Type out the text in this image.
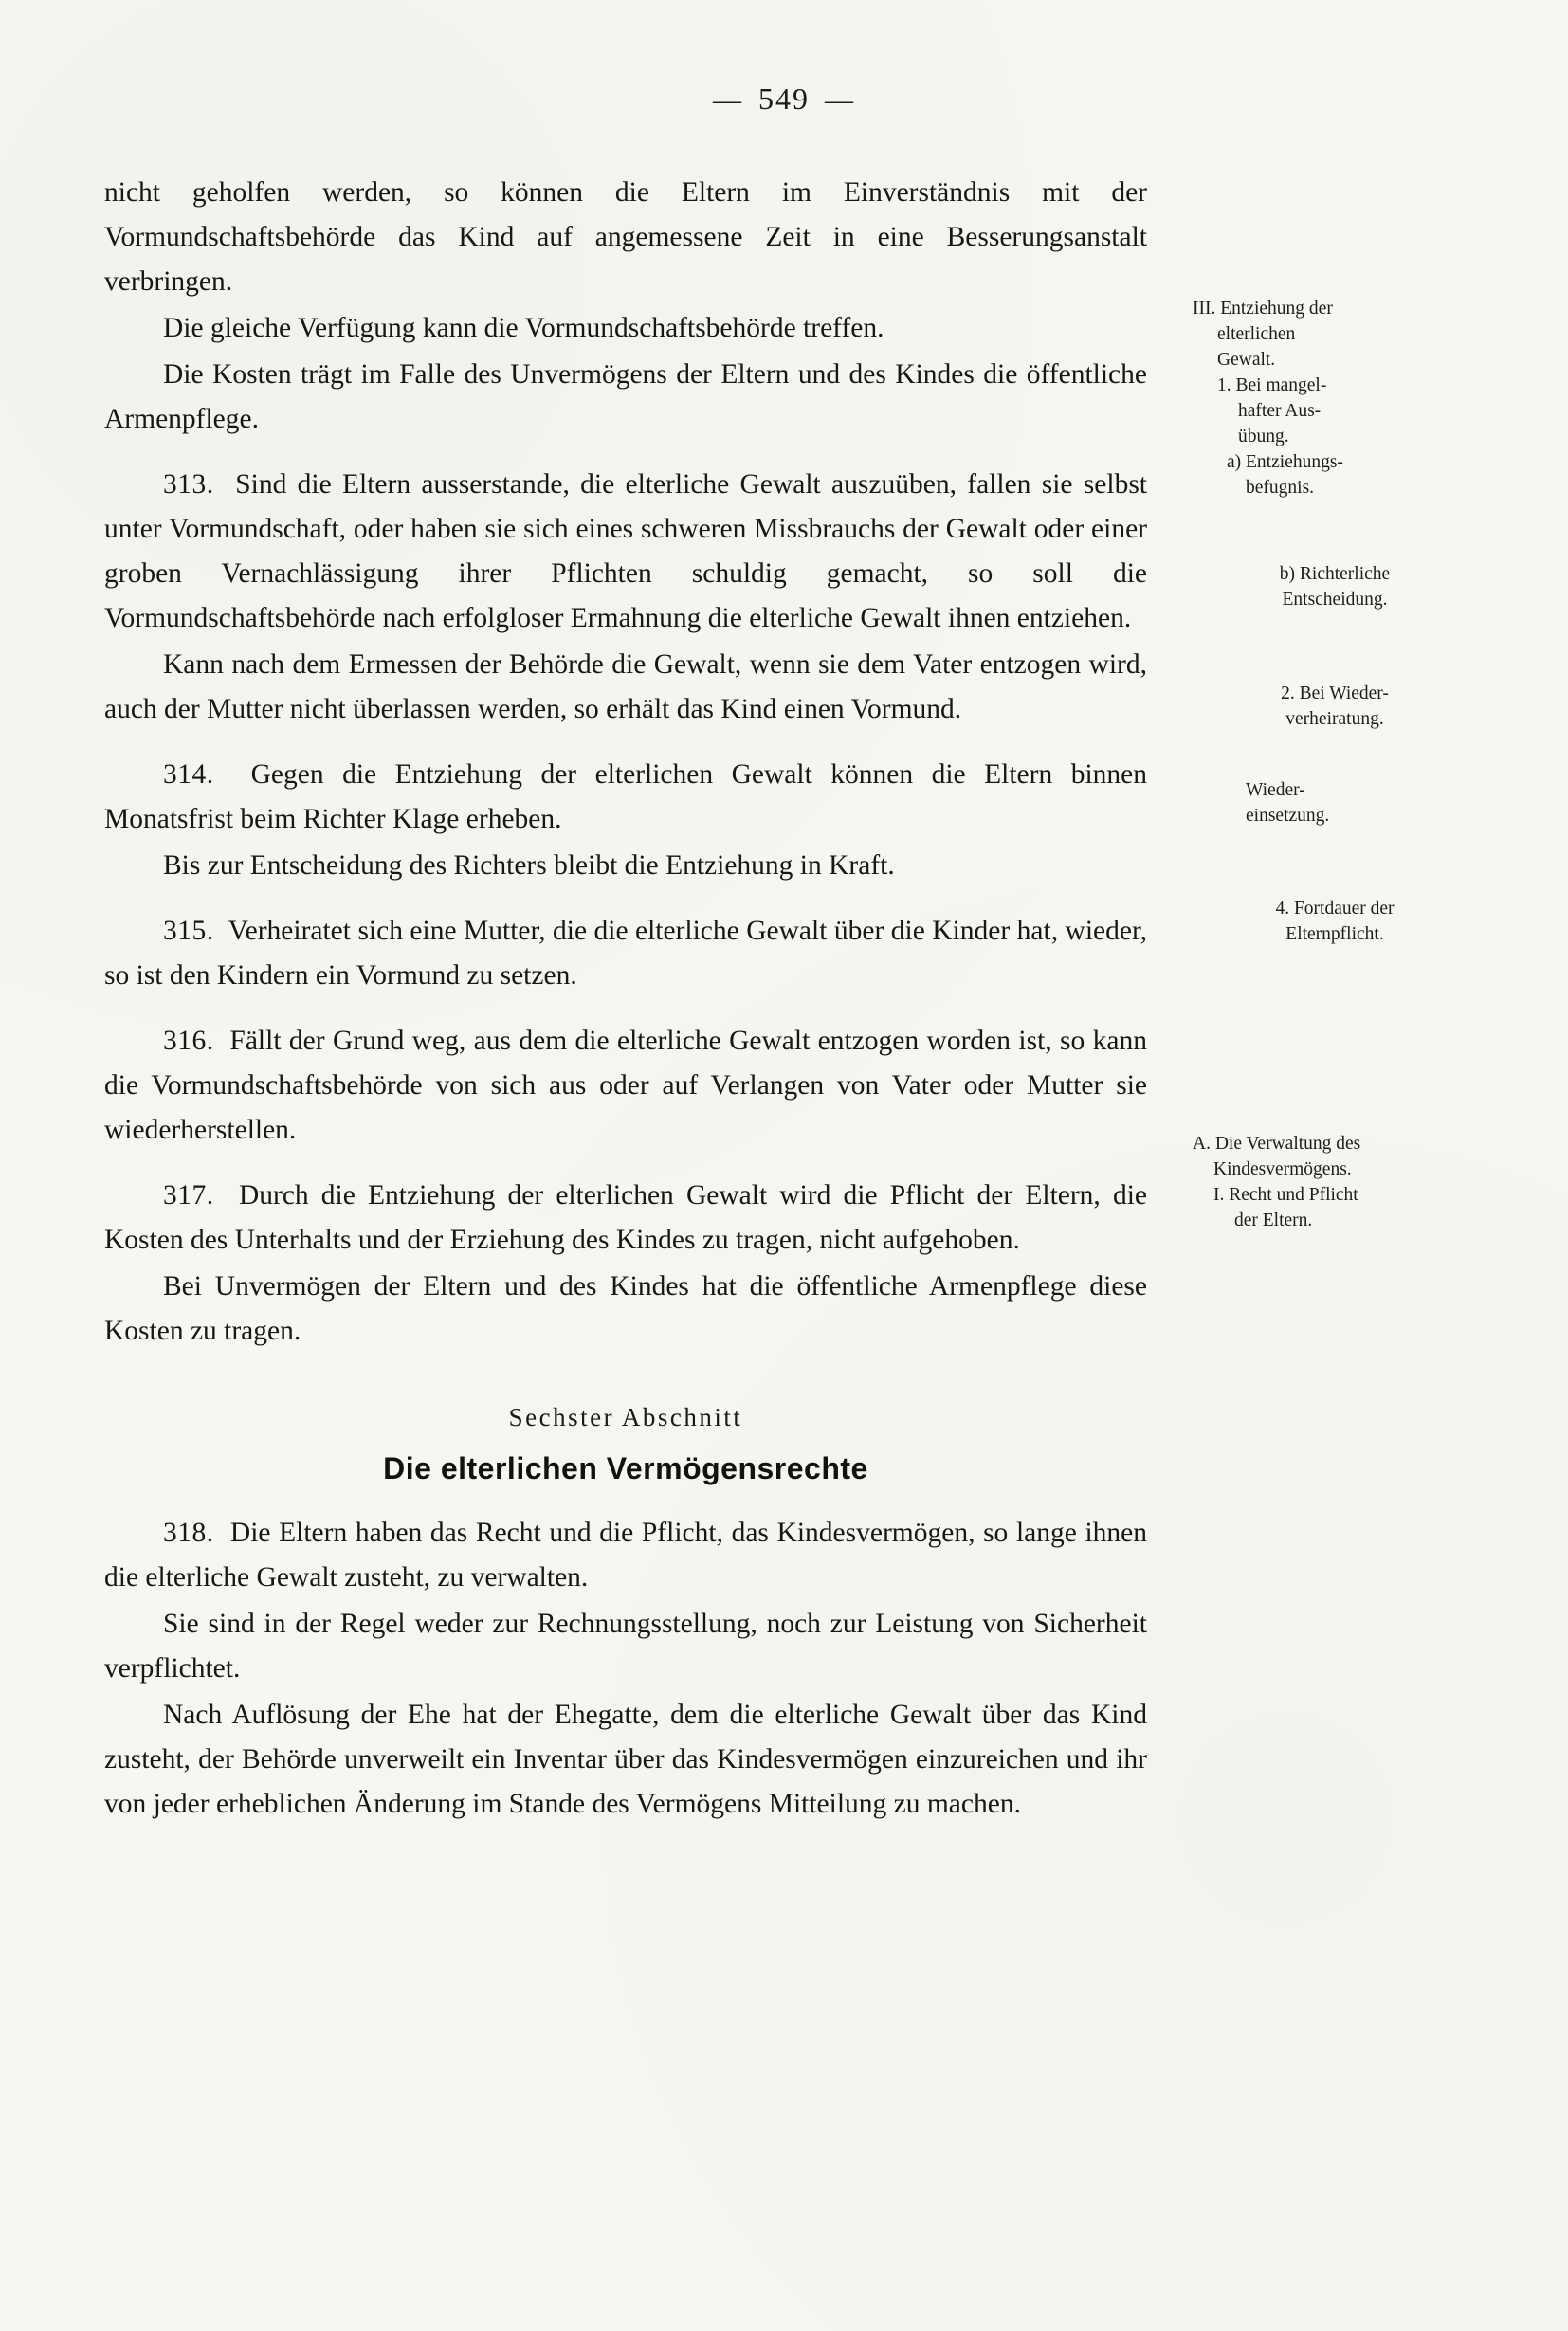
— 549 —

nicht geholfen werden, so können die Eltern im Einverständnis mit der Vormundschaftsbehörde das Kind auf angemessene Zeit in eine Besserungsanstalt verbringen.

Die gleiche Verfügung kann die Vormundschaftsbehörde treffen.

Die Kosten trägt im Falle des Unvermögens der Eltern und des Kindes die öffentliche Armenpflege.

313. Sind die Eltern ausserstande, die elterliche Gewalt auszuüben, fallen sie selbst unter Vormundschaft, oder haben sie sich eines schweren Missbrauchs der Gewalt oder einer groben Vernachlässigung ihrer Pflichten schuldig gemacht, so soll die Vormundschaftsbehörde nach erfolgloser Ermahnung die elterliche Gewalt ihnen entziehen.

Kann nach dem Ermessen der Behörde die Gewalt, wenn sie dem Vater entzogen wird, auch der Mutter nicht überlassen werden, so erhält das Kind einen Vormund.

314. Gegen die Entziehung der elterlichen Gewalt können die Eltern binnen Monatsfrist beim Richter Klage erheben.

Bis zur Entscheidung des Richters bleibt die Entziehung in Kraft.

315. Verheiratet sich eine Mutter, die die elterliche Gewalt über die Kinder hat, wieder, so ist den Kindern ein Vormund zu setzen.

316. Fällt der Grund weg, aus dem die elterliche Gewalt entzogen worden ist, so kann die Vormundschaftsbehörde von sich aus oder auf Verlangen von Vater oder Mutter sie wiederherstellen.

317. Durch die Entziehung der elterlichen Gewalt wird die Pflicht der Eltern, die Kosten des Unterhalts und der Erziehung des Kindes zu tragen, nicht aufgehoben.

Bei Unvermögen der Eltern und des Kindes hat die öffentliche Armenpflege diese Kosten zu tragen.

Sechster Abschnitt
Die elterlichen Vermögensrechte

318. Die Eltern haben das Recht und die Pflicht, das Kindesvermögen, so lange ihnen die elterliche Gewalt zusteht, zu verwalten.

Sie sind in der Regel weder zur Rechnungsstellung, noch zur Leistung von Sicherheit verpflichtet.

Nach Auflösung der Ehe hat der Ehegatte, dem die elterliche Gewalt über das Kind zusteht, der Behörde unverweilt ein Inventar über das Kindesvermögen einzureichen und ihr von jeder erheblichen Änderung im Stande des Vermögens Mitteilung zu machen.

III. Entziehung der
elterlichen
Gewalt.
1. Bei mangel-
hafter Aus-
übung.
a) Entziehungs-
befugnis.
b) Richterliche
Entscheidung.
2. Bei Wieder-
verheiratung.
Wieder-
einsetzung.
4. Fortdauer der
Elternpflicht.
A. Die Verwaltung des
Kindesvermögens.
I. Recht und Pflicht
der Eltern.
